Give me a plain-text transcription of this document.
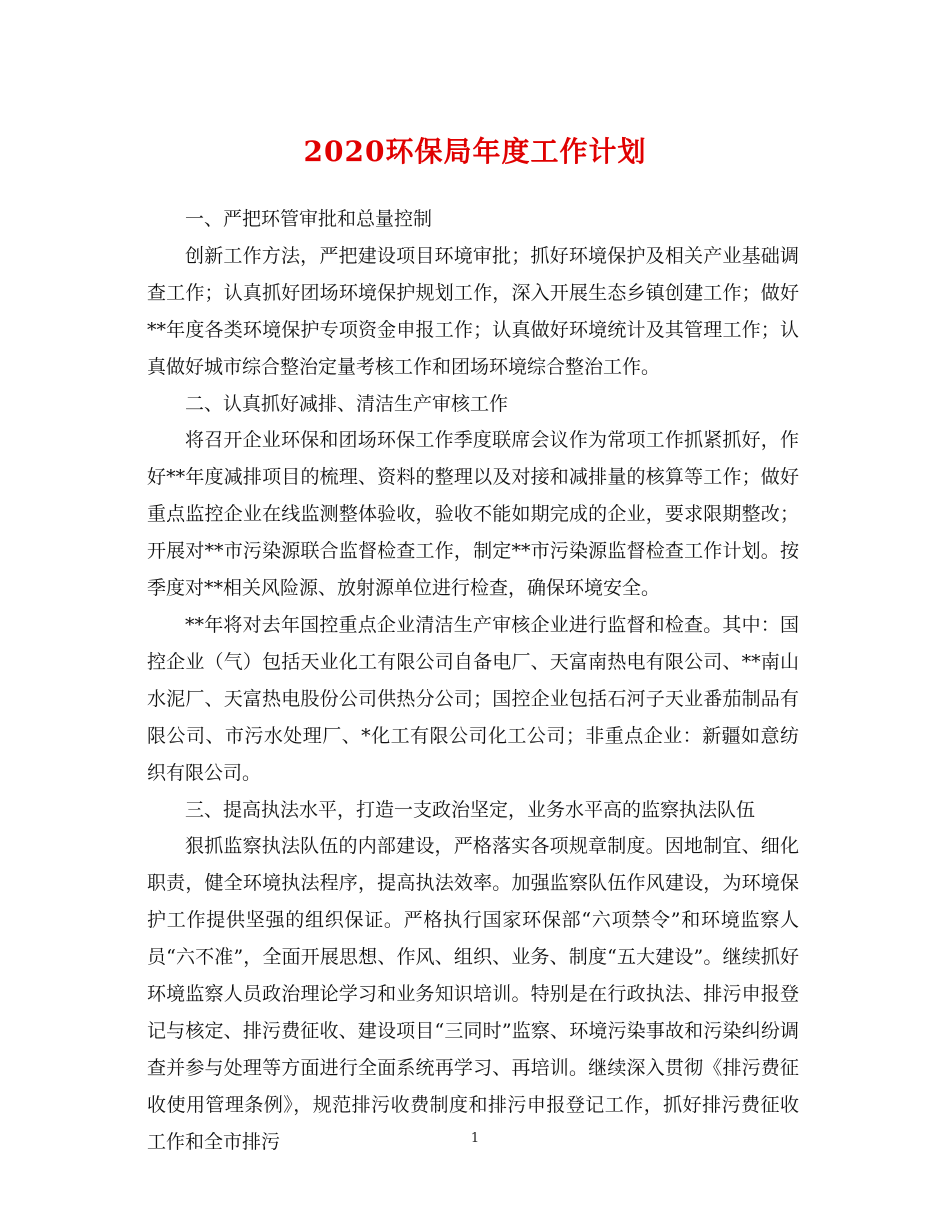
2020环保局年度工作计划

一、严把环管审批和总量控制

创新工作方法，严把建设项目环境审批；抓好环境保护及相关产业基础调查工作；认真抓好团场环境保护规划工作，深入开展生态乡镇创建工作；做好**年度各类环境保护专项资金申报工作；认真做好环境统计及其管理工作；认真做好城市综合整治定量考核工作和团场环境综合整治工作。

二、认真抓好减排、清洁生产审核工作

将召开企业环保和团场环保工作季度联席会议作为常项工作抓紧抓好，作好**年度减排项目的梳理、资料的整理以及对接和减排量的核算等工作；做好重点监控企业在线监测整体验收，验收不能如期完成的企业，要求限期整改；开展对**市污染源联合监督检查工作，制定**市污染源监督检查工作计划。按季度对**相关风险源、放射源单位进行检查，确保环境安全。

**年将对去年国控重点企业清洁生产审核企业进行监督和检查。其中：国控企业（气）包括天业化工有限公司自备电厂、天富南热电有限公司、**南山水泥厂、天富热电股份公司供热分公司；国控企业包括石河子天业番茄制品有限公司、市污水处理厂、*化工有限公司化工公司；非重点企业：新疆如意纺织有限公司。

三、提高执法水平，打造一支政治坚定，业务水平高的监察执法队伍

狠抓监察执法队伍的内部建设，严格落实各项规章制度。因地制宜、细化职责，健全环境执法程序，提高执法效率。加强监察队伍作风建设，为环境保护工作提供坚强的组织保证。严格执行国家环保部“六项禁令”和环境监察人员“六不准”，全面开展思想、作风、组织、业务、制度“五大建设”。继续抓好环境监察人员政治理论学习和业务知识培训。特别是在行政执法、排污申报登记与核定、排污费征收、建设项目“三同时”监察、环境污染事故和污染纠纷调查并参与处理等方面进行全面系统再学习、再培训。继续深入贯彻《排污费征收使用管理条例》，规范排污收费制度和排污申报登记工作，抓好排污费征收工作和全市排污	1
